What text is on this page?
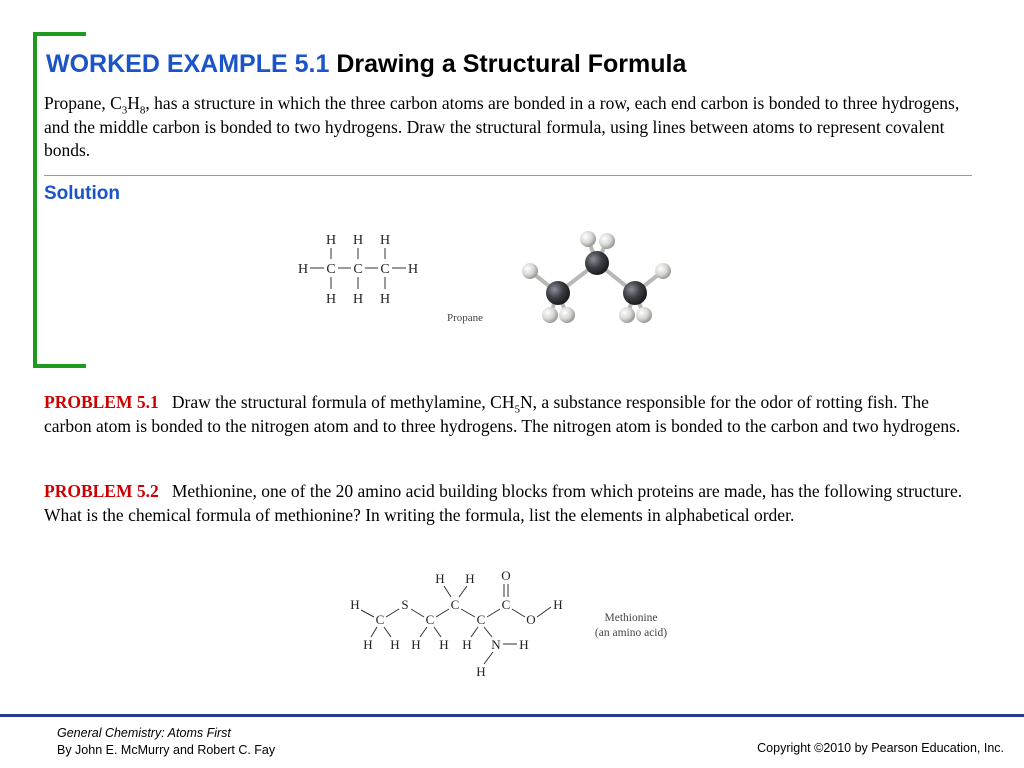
WORKED EXAMPLE 5.1 Drawing a Structural Formula

Propane, $C_3H_8$, has a structure in which the three carbon atoms are bonded in a row, each end carbon is bonded to three hydrogens, and the middle carbon is bonded to two hydrogens. Draw the structural formula, using lines between atoms to represent covalent bonds.

Solution
H H H
H C C C H
H H H
Propane

PROBLEM 5.1 Draw the structural formula of methylamine, $CH_5N$, a substance responsible for the odor of rotting fish. The carbon atom is bonded to the nitrogen atom and to three hydrogens. The nitrogen atom is bonded to the carbon and two hydrogens.

PROBLEM 5.2 Methionine, one of the 20 amino acid building blocks from which proteins are made, has the following structure. What is the chemical formula of methionine? In writing the formula, list the elements in alphabetical order.

O
H H
H	S	C	C	H
C	C	C	O
H H H H H N H
H
Methionine
(an amino acid)
General Chemistry: Atoms First
By John E. McMurry and Robert C. Fay	Copyright ©2010 by Pearson Education, Inc.
